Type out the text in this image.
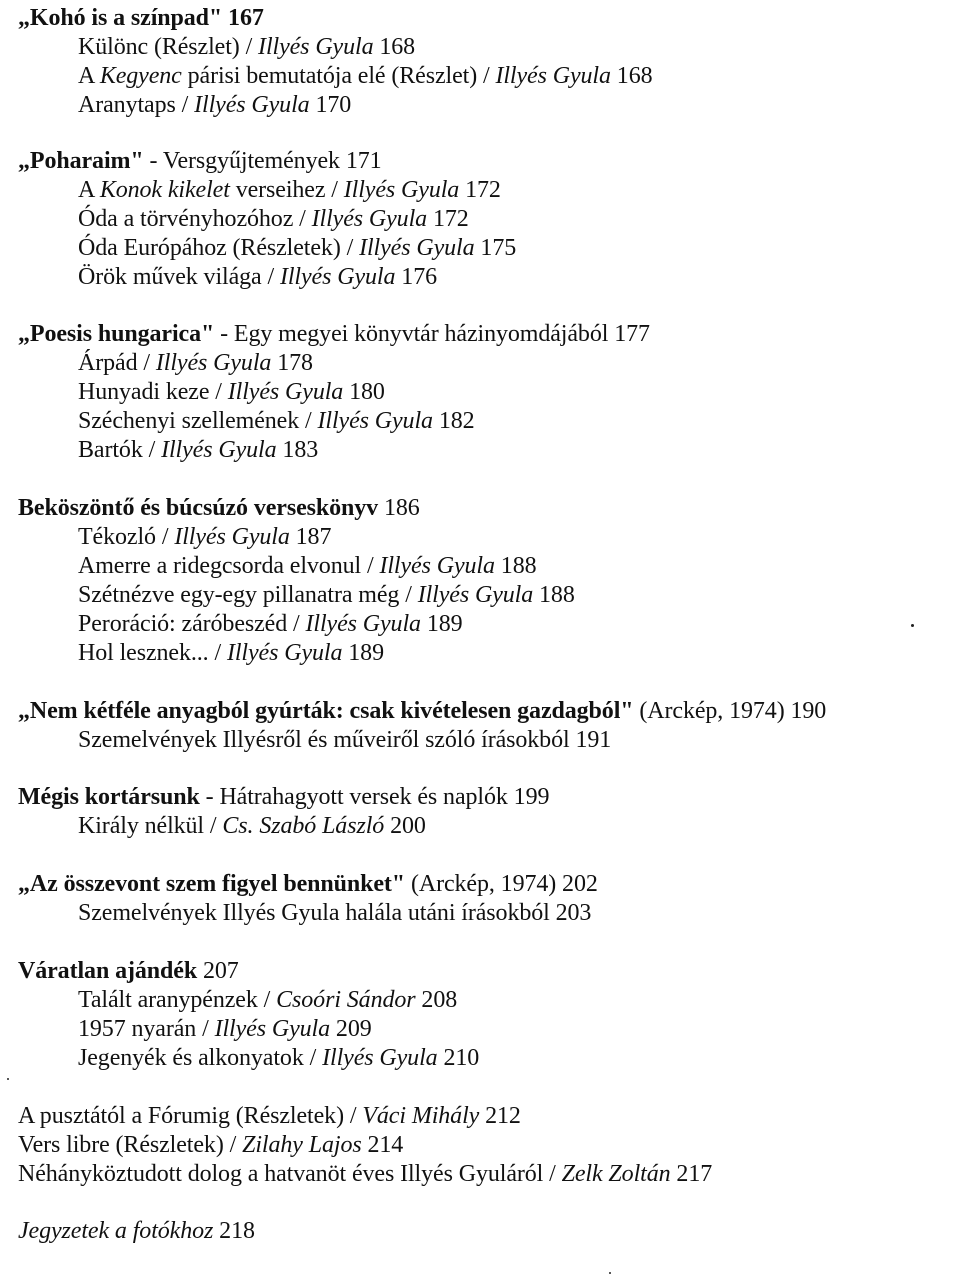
„Kohó is a színpad" 167
Különc (Részlet) / Illyés Gyula 168
A Kegyenc párisi bemutatója elé (Részlet) / Illyés Gyula 168
Aranytaps / Illyés Gyula 170
„Poharaim" - Versgyűjtemények 171
A Konok kikelet verseihez / Illyés Gyula 172
Óda a törvényhozóhoz / Illyés Gyula 172
Óda Európához (Részletek) / Illyés Gyula 175
Örök művek világa / Illyés Gyula 176
„Poesis hungarica" - Egy megyei könyvtár házinyomdájából 177
Árpád / Illyés Gyula 178
Hunyadi keze / Illyés Gyula 180
Széchenyi szellemének / Illyés Gyula 182
Bartók / Illyés Gyula 183
Beköszöntő és búcsúzó verseskönyv 186
Tékozló / Illyés Gyula 187
Amerre a ridegcsorda elvonul / Illyés Gyula 188
Szétnézve egy-egy pillanatra még / Illyés Gyula 188
Peroráció: záróbeszéd / Illyés Gyula 189
Hol lesznek... / Illyés Gyula 189
„Nem kétféle anyagból gyúrták: csak kivételesen gazdagból" (Arckép, 1974) 190
Szemelvények Illyésről és műveiről szóló írásokból 191
Mégis kortársunk - Hátrahagyott versek és naplók 199
Király nélkül / Cs. Szabó László 200
„Az összevont szem figyel bennünket" (Arckép, 1974) 202
Szemelvények Illyés Gyula halála utáni írásokból 203
Váratlan ajándék 207
Talált aranypénzek / Csoóri Sándor 208
1957 nyarán / Illyés Gyula 209
Jegenyék és alkonyatok / Illyés Gyula 210
A pusztától a Fórumig (Részletek) / Váci Mihály 212
Vers libre (Részletek) / Zilahy Lajos 214
Néhányköztudott dolog a hatvanöt éves Illyés Gyuláról / Zelk Zoltán 217
Jegyzetek a fotókhoz 218
